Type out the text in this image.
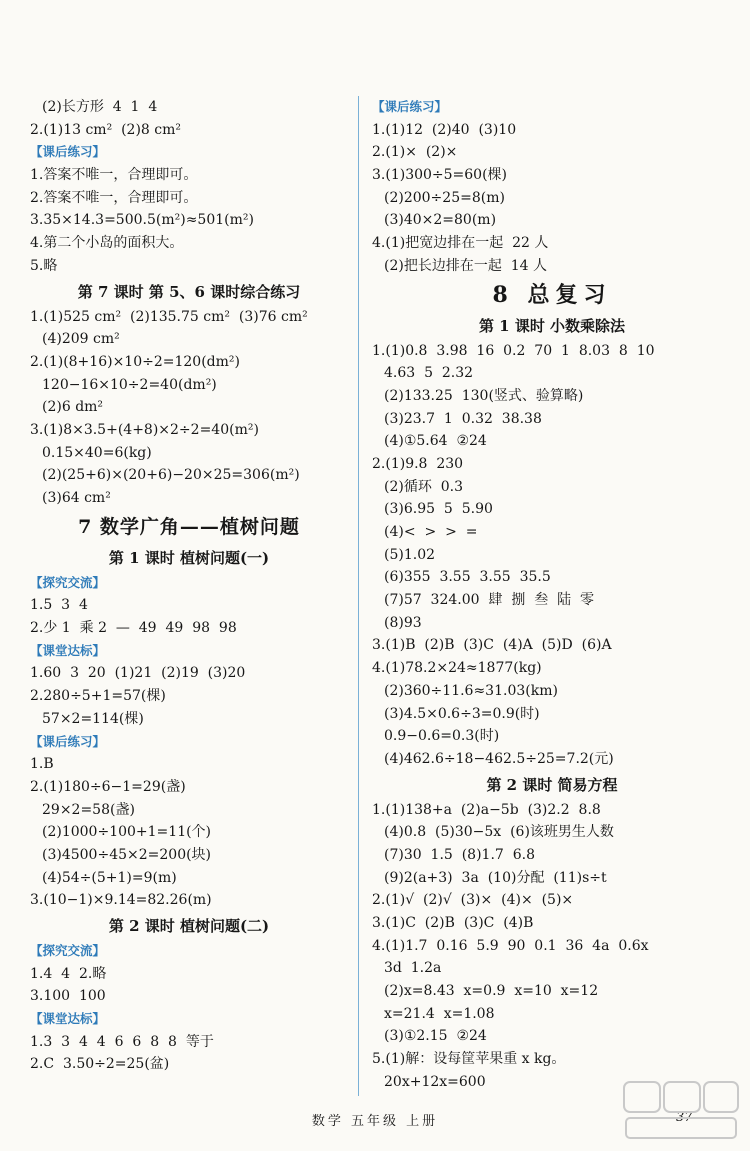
(2)长方形  4  1  4
2.(1)13 cm²  (2)8 cm²
【课后练习】
1.答案不唯一，合理即可。
2.答案不唯一，合理即可。
3.35×14.3=500.5(m²)≈501(m²)
4.第二个小岛的面积大。
5.略
第 7 课时 第 5、6 课时综合练习
1.(1)525 cm²  (2)135.75 cm²  (3)76 cm²
(4)209 cm²
2.(1)(8+16)×10÷2=120(dm²)
120−16×10÷2=40(dm²)
(2)6 dm²
3.(1)8×3.5+(4+8)×2÷2=40(m²)
0.15×40=6(kg)
(2)(25+6)×(20+6)−20×25=306(m²)
(3)64 cm²
7 数学广角——植树问题
第 1 课时 植树问题(一)
【探究交流】
1.5  3  4
2.少 1  乘 2  —  49  49  98  98
【课堂达标】
1.60  3  20  (1)21  (2)19  (3)20
2.280÷5+1=57(棵)
57×2=114(棵)
【课后练习】
1.B
2.(1)180÷6−1=29(盏)
29×2=58(盏)
(2)1000÷100+1=11(个)
(3)4500÷45×2=200(块)
(4)54÷(5+1)=9(m)
3.(10−1)×9.14=82.26(m)
第 2 课时 植树问题(二)
【探究交流】
1.4  4  2.略
3.100  100
【课堂达标】
1.3  3  4  4  6  6  8  8  等于
2.C  3.50÷2=25(盆)
【课后练习】
1.(1)12  (2)40  (3)10
2.(1)×  (2)×
3.(1)300÷5=60(棵)
(2)200÷25=8(m)
(3)40×2=80(m)
4.(1)把宽边排在一起  22 人
(2)把长边排在一起  14 人
8 总复习
第 1 课时 小数乘除法
1.(1)0.8  3.98  16  0.2  70  1  8.03  8  10
4.63  5  2.32
(2)133.25  130(竖式、验算略)
(3)23.7  1  0.32  38.38
(4)①5.64  ②24
2.(1)9.8  230
(2)循环  0.3
(3)6.95  5  5.90
(4)<  >  >  =
(5)1.02
(6)355  3.55  3.55  35.5
(7)57  324.00  肆  捌  叁  陆  零
(8)93
3.(1)B  (2)B  (3)C  (4)A  (5)D  (6)A
4.(1)78.2×24≈1877(kg)
(2)360÷11.6≈31.03(km)
(3)4.5×0.6÷3=0.9(时)
0.9−0.6=0.3(时)
(4)462.6÷18−462.5÷25=7.2(元)
第 2 课时 简易方程
1.(1)138+a  (2)a−5b  (3)2.2  8.8
(4)0.8  (5)30−5x  (6)该班男生人数
(7)30  1.5  (8)1.7  6.8
(9)2(a+3)  3a  (10)分配  (11)s÷t
2.(1)√  (2)√  (3)×  (4)×  (5)×
3.(1)C  (2)B  (3)C  (4)B
4.(1)1.7  0.16  5.9  90  0.1  36  4a  0.6x
3d  1.2a
(2)x=8.43  x=0.9  x=10  x=12
x=21.4  x=1.08
(3)①2.15  ②24
5.(1)解：设每筐苹果重 x kg。
20x+12x=600
数学 五年级 上册	37
